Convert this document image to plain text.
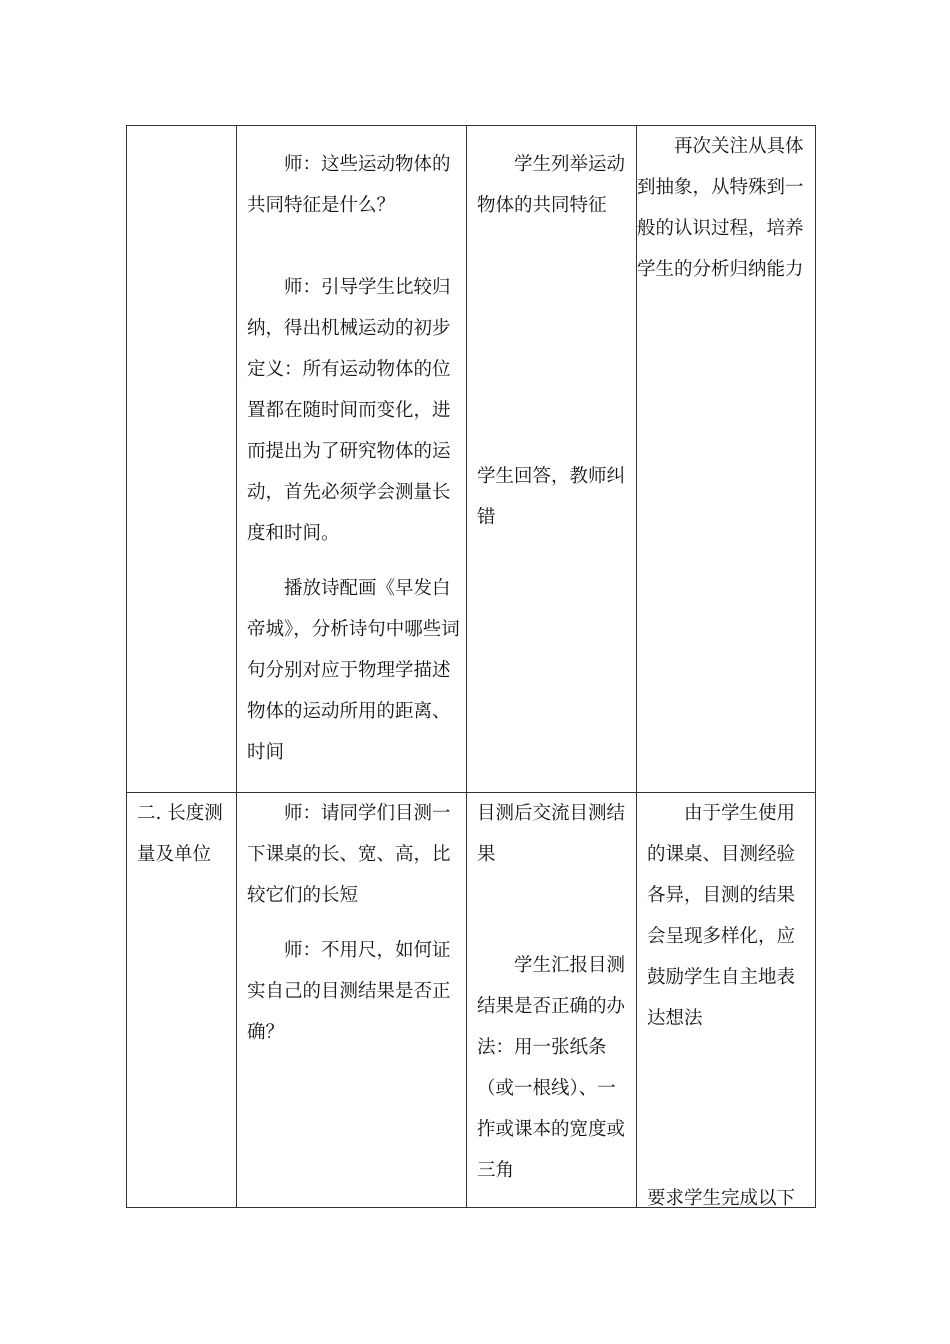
师：这些运动物体的共同特征是什么？

师：引导学生比较归纳，得出机械运动的初步定义：所有运动物体的位置都在随时间而变化，进而提出为了研究物体的运动，首先必须学会测量长度和时间。

播放诗配画《早发白帝城》，分析诗句中哪些词句分别对应于物理学描述物体的运动所用的距离、时间

学生列举运动物体的共同特征

学生回答，教师纠错

再次关注从具体到抽象，从特殊到一般的认识过程，培养学生的分析归纳能力

二. 长度测量及单位

师：请同学们目测一下课桌的长、宽、高，比较它们的长短

师：不用尺，如何证实自己的目测结果是否正确？

目测后交流目测结果

学生汇报目测结果是否正确的办法：用一张纸条（或一根线）、一拃或课本的宽度或三角

由于学生使用的课桌、目测经验各异，目测的结果会呈现多样化，应鼓励学生自主地表达想法

要求学生完成以下
